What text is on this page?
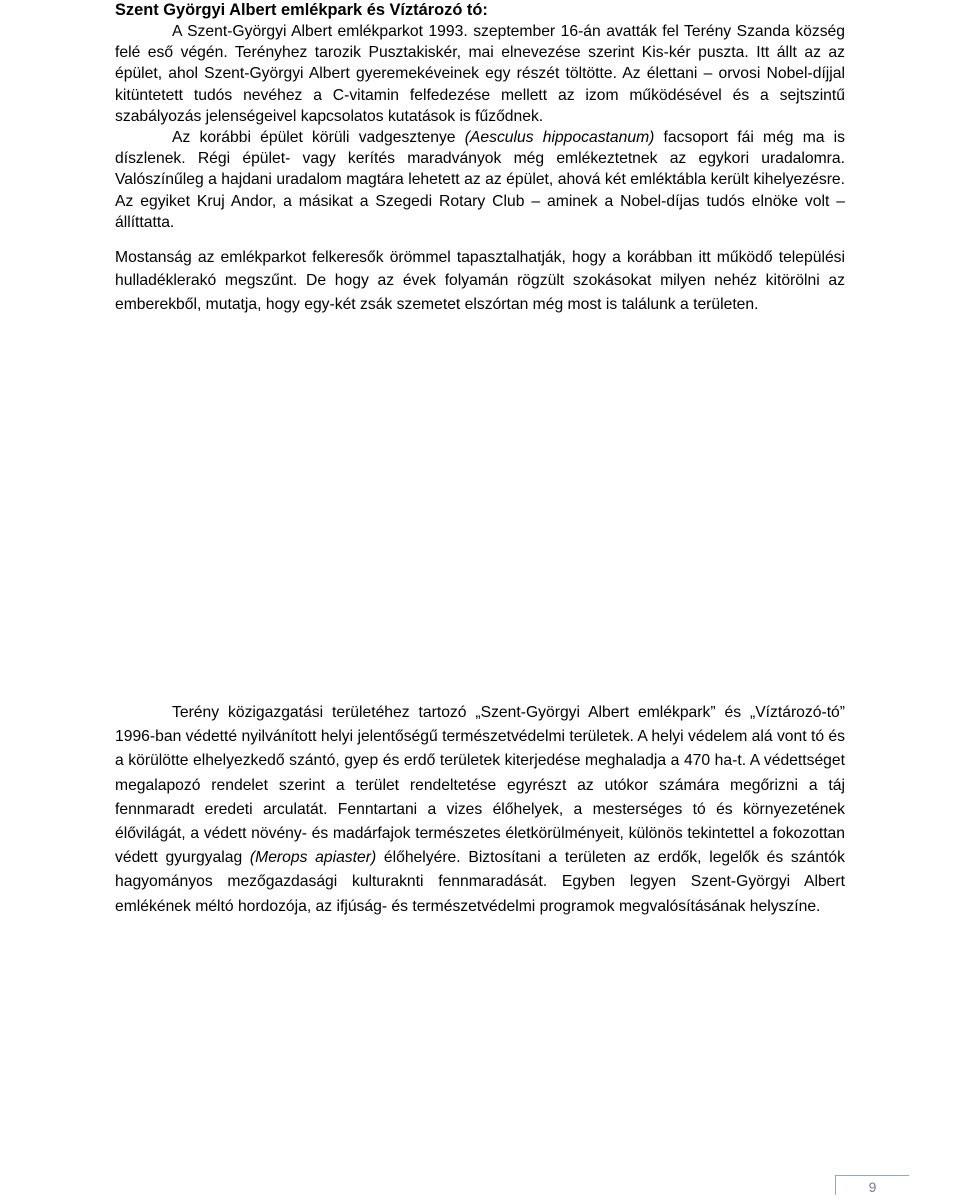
Szent Györgyi Albert emlékpark és Víztározó tó:

A Szent-Györgyi Albert emlékparkot 1993. szeptember 16-án avatták fel Terény Szanda község felé eső végén. Terényhez tarozik Pusztakiskér, mai elnevezése szerint Kis-kér puszta. Itt állt az az épület, ahol Szent-Györgyi Albert gyeremekéveinek egy részét töltötte. Az élettani – orvosi Nobel-díjjal kitüntetett tudós nevéhez a C-vitamin felfedezése mellett az izom működésével és a sejtszintű szabályozás jelenségeivel kapcsolatos kutatások is fűződnek.

Az korábbi épület körüli vadgesztenye (Aesculus hippocastanum) facsoport fái még ma is díszlenek. Régi épület- vagy kerítés maradványok még emlékeztetnek az egykori uradalomra. Valószínűleg a hajdani uradalom magtára lehetett az az épület, ahová két emléktábla került kihelyezésre. Az egyiket Kruj Andor, a másikat a Szegedi Rotary Club – aminek a Nobel-díjas tudós elnöke volt – állíttatta.

Mostanság az emlékparkot felkeresők örömmel tapasztalhatják, hogy a korábban itt működő települési hulladéklerakó megszűnt. De hogy az évek folyamán rögzült szokásokat milyen nehéz kitörölni az emberekből, mutatja, hogy egy-két zsák szemetet elszórtan még most is találunk a területen.

Terény közigazgatási területéhez tartozó „Szent-Györgyi Albert emlékpark” és „Víztározó-tó” 1996-ban védetté nyilvánított helyi jelentőségű természetvédelmi területek. A helyi védelem alá vont tó és a körülötte elhelyezkedő szántó, gyep és erdő területek kiterjedése meghaladja a 470 ha-t. A védettséget megalapozó rendelet szerint a terület rendeltetése egyrészt az utókor számára megőrizni a táj fennmaradt eredeti arculatát. Fenntartani a vizes élőhelyek, a mesterséges tó és környezetének élővilágát, a védett növény- és madárfajok természetes életkörülményeit, különös tekintettel a fokozottan védett gyurgyalag (Merops apiaster) élőhelyére. Biztosítani a területen az erdők, legelők és szántók hagyományos mezőgazdasági kulturaknti fennmaradását. Egyben legyen Szent-Györgyi Albert emlékének méltó hordozója, az ifjúság- és természetvédelmi programok megvalósításának helyszíne.

9
